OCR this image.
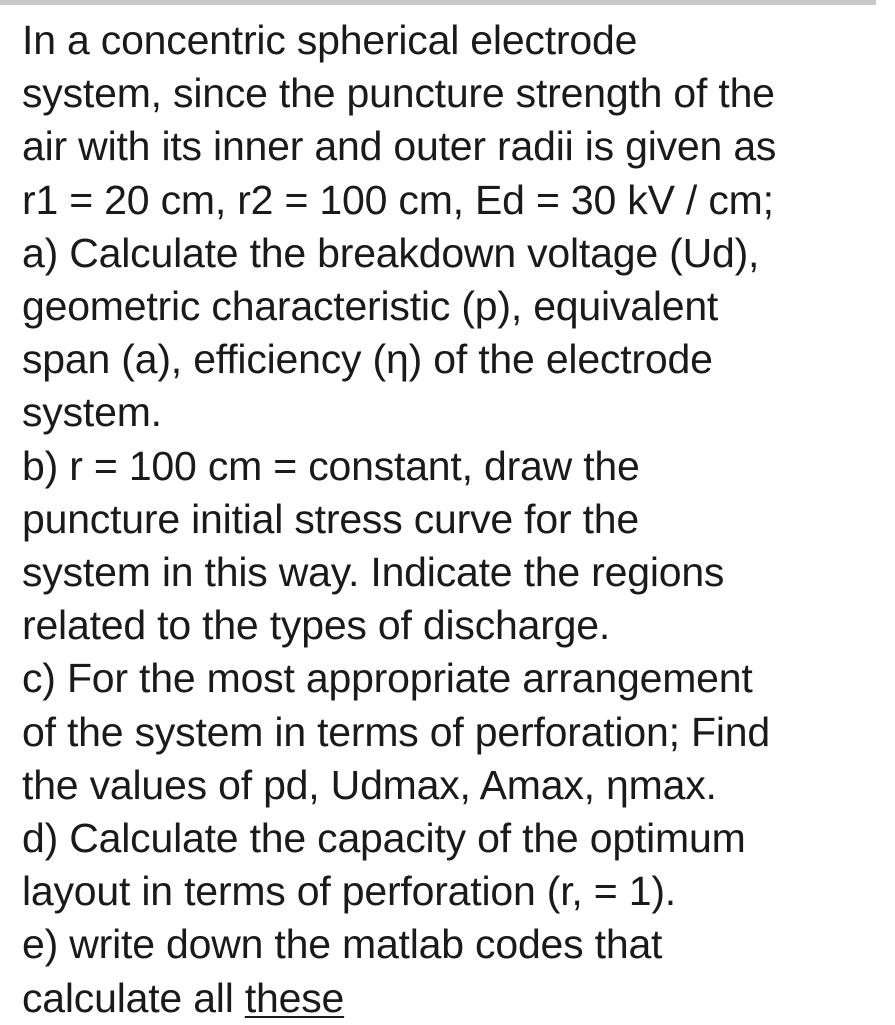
In a concentric spherical electrode
system, since the puncture strength of the
air with its inner and outer radii is given as
r1 = 20 cm, r2 = 100 cm, Ed = 30 kV / cm;
a) Calculate the breakdown voltage (Ud),
geometric characteristic (p), equivalent
span (a), efficiency (η) of the electrode
system.
b) r = 100 cm = constant, draw the
puncture initial stress curve for the
system in this way. Indicate the regions
related to the types of discharge.
c) For the most appropriate arrangement
of the system in terms of perforation; Find
the values of pd, Udmax, Amax, ηmax.
d) Calculate the capacity of the optimum
layout in terms of perforation (r, = 1).
e) write down the matlab codes that
calculate all these
